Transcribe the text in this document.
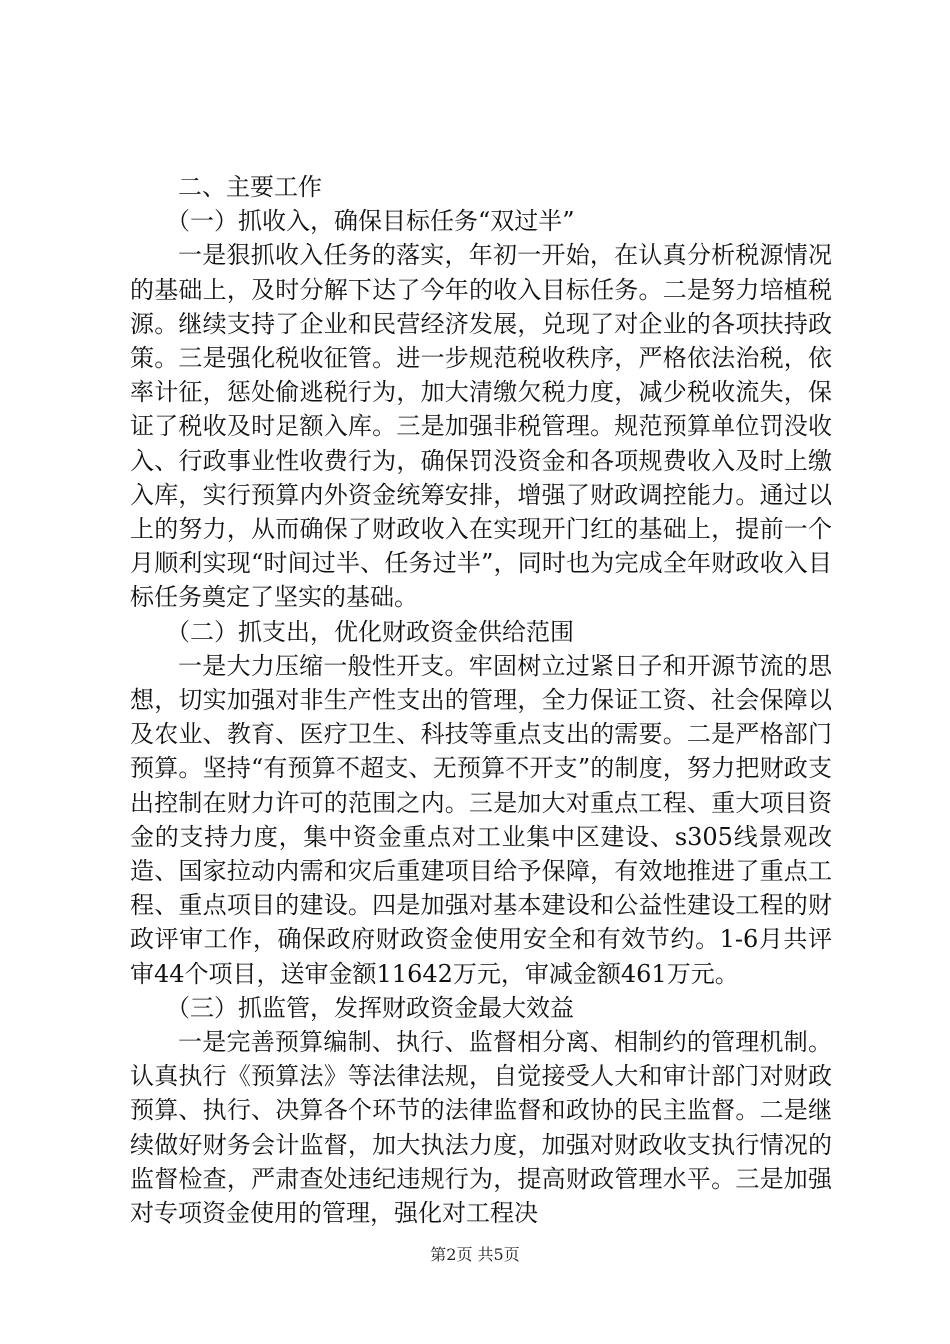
二、主要工作

（一）抓收入，确保目标任务“双过半”

一是狠抓收入任务的落实，年初一开始，在认真分析税源情况的基础上，及时分解下达了今年的收入目标任务。二是努力培植税源。继续支持了企业和民营经济发展，兑现了对企业的各项扶持政策。三是强化税收征管。进一步规范税收秩序，严格依法治税，依率计征，惩处偷逃税行为，加大清缴欠税力度，减少税收流失，保证了税收及时足额入库。三是加强非税管理。规范预算单位罚没收入、行政事业性收费行为，确保罚没资金和各项规费收入及时上缴入库，实行预算内外资金统筹安排，增强了财政调控能力。通过以上的努力，从而确保了财政收入在实现开门红的基础上，提前一个月顺利实现“时间过半、任务过半”，同时也为完成全年财政收入目标任务奠定了坚实的基础。

（二）抓支出，优化财政资金供给范围

一是大力压缩一般性开支。牢固树立过紧日子和开源节流的思想，切实加强对非生产性支出的管理，全力保证工资、社会保障以及农业、教育、医疗卫生、科技等重点支出的需要。二是严格部门预算。坚持“有预算不超支、无预算不开支”的制度，努力把财政支出控制在财力许可的范围之内。三是加大对重点工程、重大项目资金的支持力度，集中资金重点对工业集中区建设、s305线景观改造、国家拉动内需和灾后重建项目给予保障，有效地推进了重点工程、重点项目的建设。四是加强对基本建设和公益性建设工程的财政评审工作，确保政府财政资金使用安全和有效节约。1-6月共评审44个项目，送审金额11642万元，审减金额461万元。

（三）抓监管，发挥财政资金最大效益

一是完善预算编制、执行、监督相分离、相制约的管理机制。认真执行《预算法》等法律法规，自觉接受人大和审计部门对财政预算、执行、决算各个环节的法律监督和政协的民主监督。二是继续做好财务会计监督，加大执法力度，加强对财政收支执行情况的监督检查，严肃查处违纪违规行为，提高财政管理水平。三是加强对专项资金使用的管理，强化对工程决

第2页 共5页
